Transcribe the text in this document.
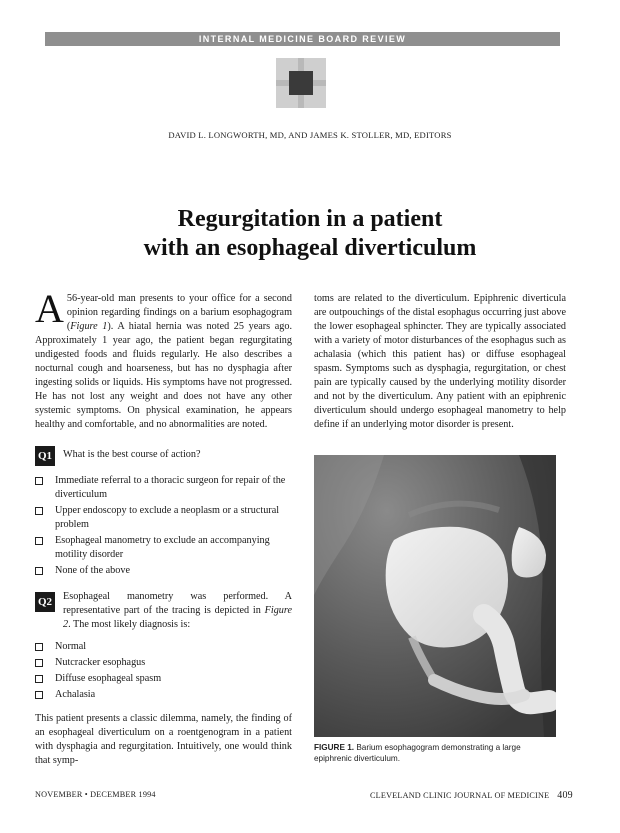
INTERNAL MEDICINE BOARD REVIEW
DAVID L. LONGWORTH, MD, AND JAMES K. STOLLER, MD, EDITORS
Regurgitation in a patient
with an esophageal diverticulum

A 56-year-old man presents to your office for a second opinion regarding findings on a barium esophagogram (Figure 1). A hiatal hernia was noted 25 years ago. Approximately 1 year ago, the patient began regurgitating undigested foods and fluids regularly. He also describes a nocturnal cough and hoarseness, but has no dysphagia after ingesting solids or liquids. His symptoms have not progressed. He has not lost any weight and does not have any other systemic symptoms. On physical examination, he appears healthy and comfortable, and no abnormalities are noted.

Q1 What is the best course of action?
Immediate referral to a thoracic surgeon for repair of the diverticulum
Upper endoscopy to exclude a neoplasm or a structural problem
Esophageal manometry to exclude an accompanying motility disorder
None of the above
Q2 Esophageal manometry was performed. A representative part of the tracing is depicted in Figure 2. The most likely diagnosis is:
Normal
Nutcracker esophagus
Diffuse esophageal spasm
Achalasia

This patient presents a classic dilemma, namely, the finding of an esophageal diverticulum on a roentgenogram in a patient with dysphagia and regurgitation. Intuitively, one would think that symp-

toms are related to the diverticulum. Epiphrenic diverticula are outpouchings of the distal esophagus occurring just above the lower esophageal sphincter. They are typically associated with a variety of motor disturbances of the esophagus such as achalasia (which this patient has) or diffuse esophageal spasm. Symptoms such as dysphagia, regurgitation, or chest pain are typically caused by the underlying motility disorder and not by the diverticulum. Any patient with an epiphrenic diverticulum should undergo esophageal manometry to help define if an underlying motor disorder is present.

FIGURE 1. Barium esophagogram demonstrating a large epiphrenic diverticulum.
NOVEMBER • DECEMBER 1994	CLEVELAND CLINIC JOURNAL OF MEDICINE 409
